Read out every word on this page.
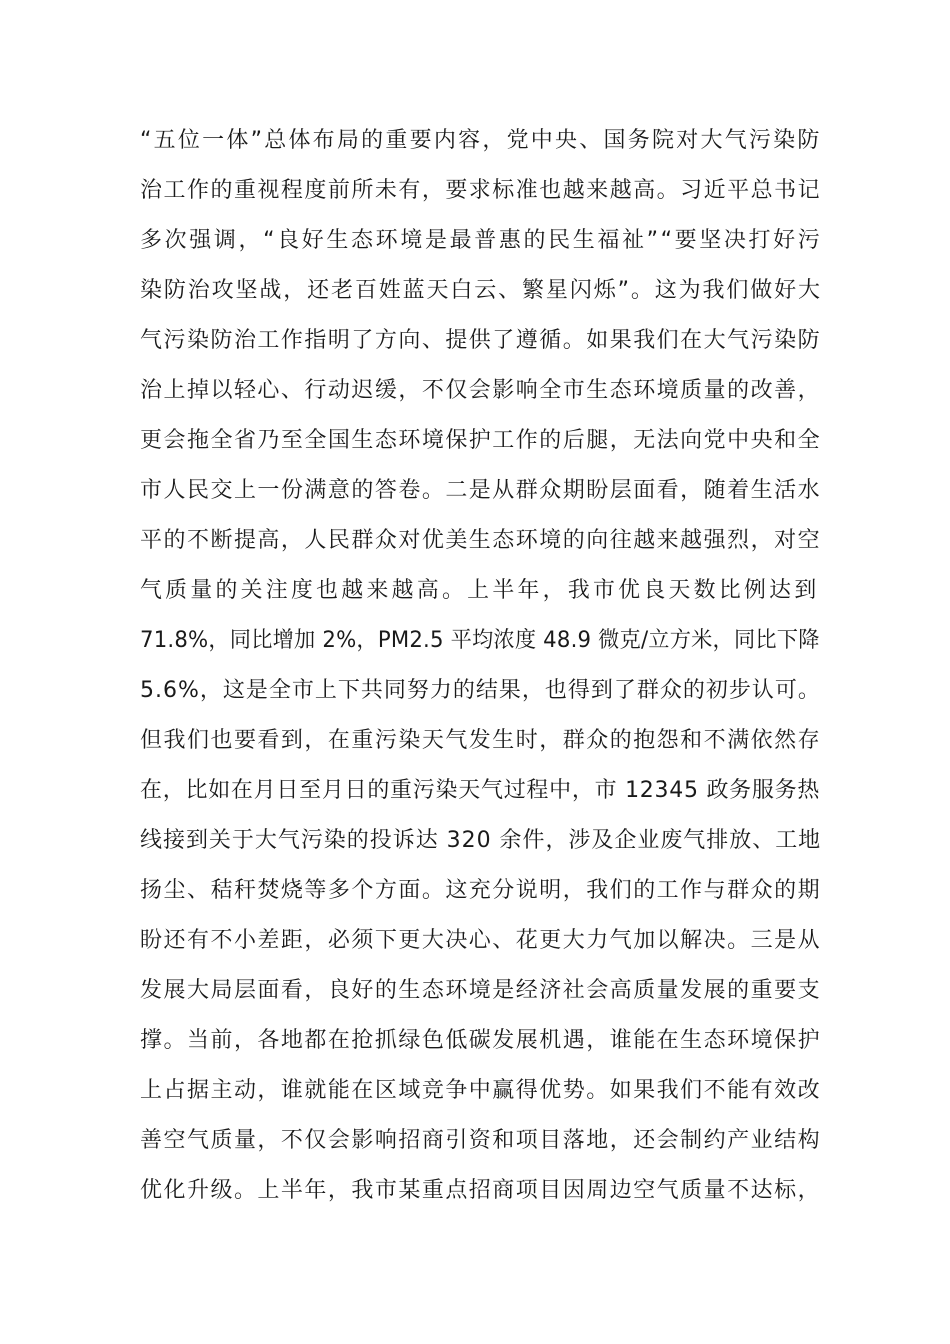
“五位一体”总体布局的重要内容，党中央、国务院对大气污染防
治工作的重视程度前所未有，要求标准也越来越高。习近平总书记
多次强调，“良好生态环境是最普惠的民生福祉”“要坚决打好污
染防治攻坚战，还老百姓蓝天白云、繁星闪烁”。这为我们做好大
气污染防治工作指明了方向、提供了遵循。如果我们在大气污染防
治上掉以轻心、行动迟缓，不仅会影响全市生态环境质量的改善，
更会拖全省乃至全国生态环境保护工作的后腿，无法向党中央和全
市人民交上一份满意的答卷。二是从群众期盼层面看，随着生活水
平的不断提高，人民群众对优美生态环境的向往越来越强烈，对空
气质量的关注度也越来越高。上半年，我市优良天数比例达到
71.8%，同比增加 2%，PM2.5 平均浓度 48.9 微克/立方米，同比下降
5.6%，这是全市上下共同努力的结果，也得到了群众的初步认可。
但我们也要看到，在重污染天气发生时，群众的抱怨和不满依然存
在，比如在月日至月日的重污染天气过程中，市 12345 政务服务热
线接到关于大气污染的投诉达 320 余件，涉及企业废气排放、工地
扬尘、秸秆焚烧等多个方面。这充分说明，我们的工作与群众的期
盼还有不小差距，必须下更大决心、花更大力气加以解决。三是从
发展大局层面看，良好的生态环境是经济社会高质量发展的重要支
撑。当前，各地都在抢抓绿色低碳发展机遇，谁能在生态环境保护
上占据主动，谁就能在区域竞争中赢得优势。如果我们不能有效改
善空气质量，不仅会影响招商引资和项目落地，还会制约产业结构
优化升级。上半年，我市某重点招商项目因周边空气质量不达标，
